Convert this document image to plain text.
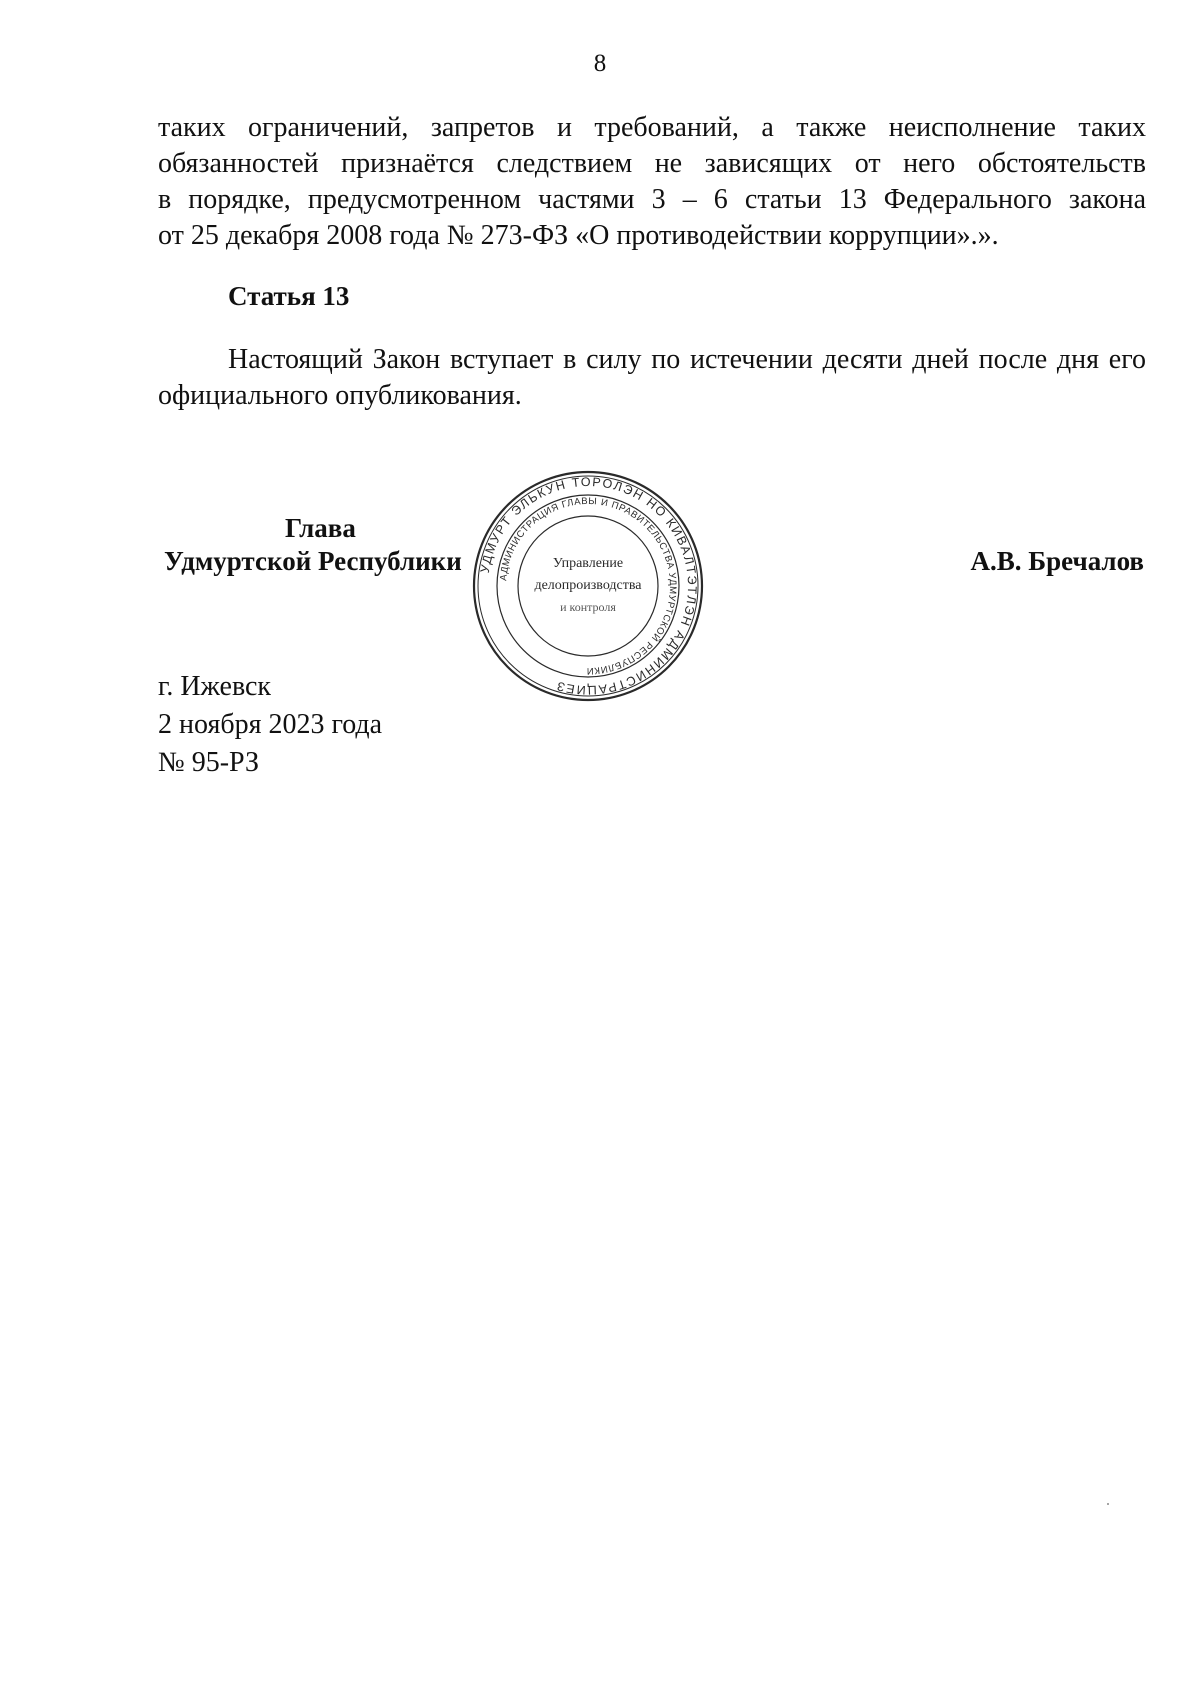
8
таких ограничений, запретов и требований, а также неисполнение таких
обязанностей признаётся следствием не зависящих от него обстоятельств
в порядке, предусмотренном частями 3 – 6 статьи 13 Федерального закона
от 25 декабря 2008 года № 273-ФЗ «О противодействии коррупции».».
Статья 13
Настоящий Закон вступает в силу по истечении десяти дней после дня его
официального опубликования.
Глава
Удмуртской Республики	А.В. Бречалов
УДМУРТ ЭЛЬКУН ТОРОЛЭН НО КИВАЛТЭТЛЭН АДМИНИСТРАЦИЕЗ
АДМИНИСТРАЦИЯ ГЛАВЫ И ПРАВИТЕЛЬСТВА УДМУРТСКОЙ РЕСПУБЛИКИ
Управление
делопроизводства
и контроля
г. Ижевск
2 ноября 2023 года
№ 95-РЗ
